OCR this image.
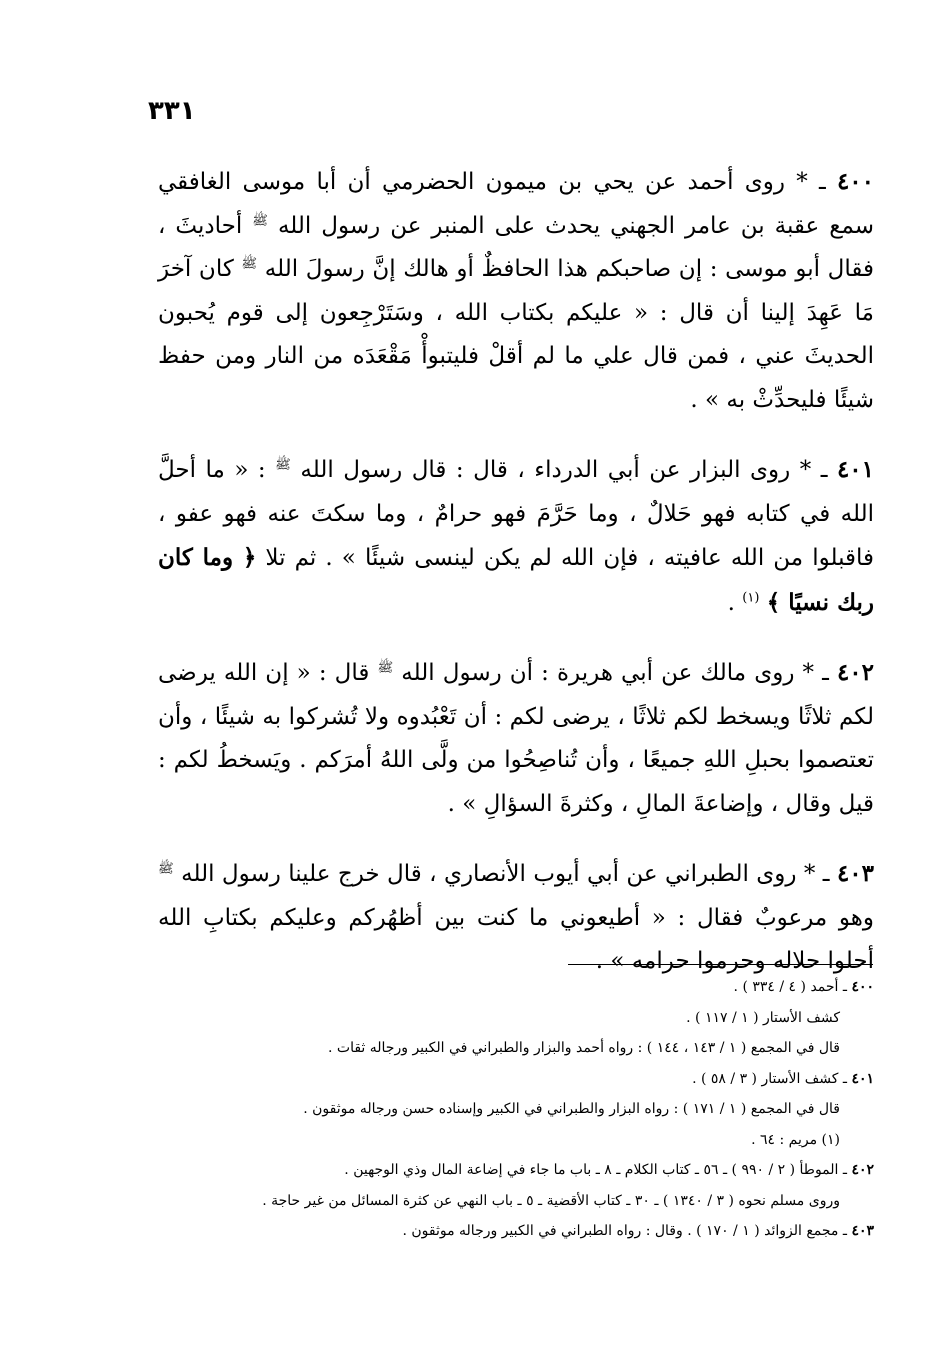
٣٣١

٤٠٠ ـ * روى أحمد عن يحي بن ميمون الحضرمي أن أبا موسى الغافقي سمع عقبة بن عامر الجهني يحدث على المنبر عن رسول الله $^ﷺ$ أحاديثَ ، فقال أبو موسى : إن صاحبكم هذا الحافظٌ أو هالك إنَّ رسولَ الله $^ﷺ$ كان آخرَ مَا عَهِدَ إلينا أن قال : « عليكم بكتاب الله ، وسَتَرْجِعون إلى قوم يُحبون الحديثَ عني ، فمن قال علي ما لم أقلْ فليتبوأْ مَقْعَدَه من النار ومن حفظ شيئًا فليحدِّثْ به » .

٤٠١ ـ * روى البزار عن أبي الدرداء ، قال : قال رسول الله $^ﷺ$ : « ما أحلَّ الله في كتابه فهو حَلالٌ ، وما حَرَّمَ فهو حرامٌ ، وما سكتَ عنه فهو عفو ، فاقبلوا من الله عافيته ، فإن الله لم يكن لينسى شيئًا » . ثم تلا ﴿ وما كان ربك نسيًا ﴾ $^{(١)}$ .

٤٠٢ ـ * روى مالك عن أبي هريرة : أن رسول الله $^ﷺ$ قال : « إن الله يرضى لكم ثلاثًا ويسخط لكم ثلاثًا ، يرضى لكم : أن تَعْبُدوه ولا تُشركوا به شيئًا ، وأن تعتصموا بحبلِ اللهِ جميعًا ، وأن تُناصِحُوا من ولَّى اللهُ أمرَكم . ويَسخطُ لكم : قيل وقال ، وإضاعةَ المالِ ، وكثرةَ السؤالِ » .

٤٠٣ ـ * روى الطبراني عن أبي أيوب الأنصاري ، قال خرج علينا رسول الله $^ﷺ$ وهو مرعوبٌ فقال : « أطيعوني ما كنت بين أظهُركم وعليكم بكتابِ الله أحلوا حلاله وحرموا حرامه » .

٤٠٠ ـ أحمد ( ٤ / ٣٣٤ ) .

كشف الأستار ( ١ / ١١٧ ) .

قال في المجمع ( ١ / ١٤٣ ، ١٤٤ ) : رواه أحمد والبزار والطبراني في الكبير ورجاله ثقات .

٤٠١ ـ كشف الأستار ( ٣ / ٥٨ ) .

قال في المجمع ( ١ / ١٧١ ) : رواه البزار والطبراني في الكبير وإسناده حسن ورجاله موثقون .

(١) مريم : ٦٤ .

٤٠٢ ـ الموطأ ( ٢ / ٩٩٠ ) ـ ٥٦ ـ كتاب الكلام ـ ٨ ـ باب ما جاء في إضاعة المال وذي الوجهين .

وروى مسلم نحوه ( ٣ / ١٣٤٠ ) ـ ٣٠ ـ كتاب الأقضية ـ ٥ ـ باب النهي عن كثرة المسائل من غير حاجة .

٤٠٣ ـ مجمع الزوائد ( ١ / ١٧٠ ) . وقال : رواه الطبراني في الكبير ورجاله موثقون .
